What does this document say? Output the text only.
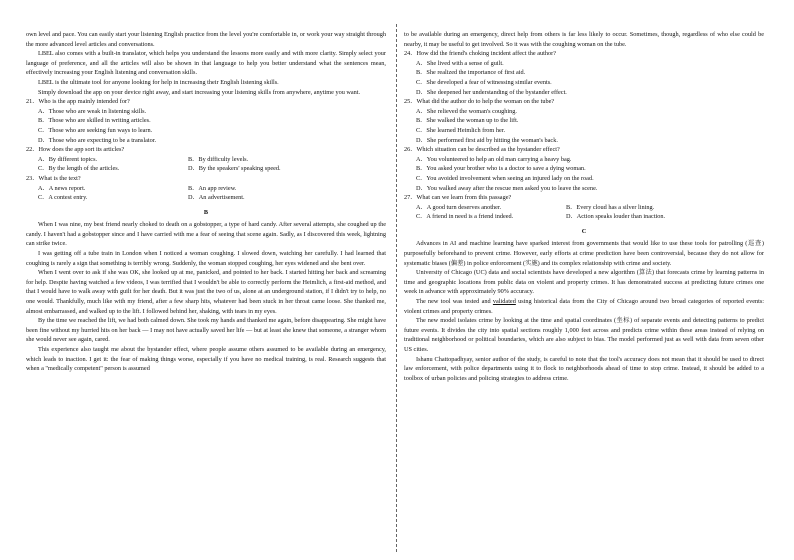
own level and pace. You can easily start your listening English practice from the level you're comfortable in, or work your way straight through the more advanced level articles and conversations.

LBEL also comes with a built-in translator, which helps you understand the lessons more easily and with more clarity. Simply select your language of preference, and all the articles will also be shown in that language to help you better understand what the sentences mean, effectively increasing your English listening and conversation skills.

LBEL is the ultimate tool for anyone looking for help in increasing their English listening skills.

Simply download the app on your device right away, and start increasing your listening skills from anywhere, anytime you want.

21．Who is the app mainly intended for?
A．Those who are weak in listening skills.
B．Those who are skilled in writing articles.
C．Those who are seeking fun ways to learn.
D．Those who are expecting to be a translator.
22．How does the app sort its articles?
A．By different topics.	B．By difficulty levels.
C．By the length of the articles.	D．By the speakers' speaking speed.
23．What is the text?
A．A news report.	B．An app review.
C．A contest entry.	D．An advertisement.
B

When I was nine, my best friend nearly choked to death on a gobstopper, a type of hard candy. After several attempts, she coughed up the candy. I haven't had a gobstopper since and I have carried with me a fear of seeing that scene again. Sadly, as I discovered this week, lightning can strike twice.

I was getting off a tube train in London when I noticed a woman coughing. I slowed down, watching her carefully. I had learned that coughing is rarely a sign that something is terribly wrong. Suddenly, the woman stopped coughing, her eyes widened and she bent over.

When I went over to ask if she was OK, she looked up at me, panicked, and pointed to her back. I started hitting her back and screaming for help. Despite having watched a few videos, I was terrified that I wouldn't be able to correctly perform the Heimlich, a first-aid method, and that I would have to walk away with guilt for her death. But it was just the two of us, alone at an underground station, if I didn't try to help, no one would. Thankfully, much like with my friend, after a few sharp hits, whatever had been stuck in her throat came loose. She thanked me, almost embarrassed, and walked up to the lift. I followed behind her, shaking, with tears in my eyes.

By the time we reached the lift, we had both calmed down. She took my hands and thanked me again, before disappearing. She might have been fine without my hurried hits on her back — I may not have actually saved her life — but at least she knew that someone, a stranger whom she would never see again, cared.

This experience also taught me about the bystander effect, where people assume others assumed to be available during an emergency, which leads to inaction. I get it: the fear of making things worse, especially if you have no medical training, is real. Research suggests that when a "medically competent" person is assumed

to be available during an emergency, direct help from others is far less likely to occur. Sometimes, though, regardless of who else could be nearby, it may be useful to get involved. So it was with the coughing woman on the tube.

24．How did the friend's choking incident affect the author?
A．She lived with a sense of guilt.
B．She realized the importance of first aid.
C．She developed a fear of witnessing similar events.
D．She deepened her understanding of the bystander effect.
25．What did the author do to help the woman on the tube?
A．She relieved the woman's coughing.
B．She walked the woman up to the lift.
C．She learned Heimlich from her.
D．She performed first aid by hitting the woman's back.
26．Which situation can be described as the bystander effect?
A．You volunteered to help an old man carrying a heavy bag.
B．You asked your brother who is a doctor to save a dying woman.
C．You avoided involvement when seeing an injured lady on the road.
D．You walked away after the rescue men asked you to leave the scene.
27．What can we learn from this passage?
A．A good turn deserves another.	B．Every cloud has a silver lining.
C．A friend in need is a friend indeed.	D．Action speaks louder than inaction.
C

Advances in AI and machine learning have sparked interest from governments that would like to use these tools for patrolling (巡查) purposefully beforehand to prevent crime. However, early efforts at crime prediction have been controversial, because they do not allow for systematic biases (偏差) in police enforcement (实施) and its complex relationship with crime and society.

University of Chicago (UC) data and social scientists have developed a new algorithm (算法) that forecasts crime by learning patterns in time and geographic locations from public data on violent and property crimes. It has demonstrated success at predicting future crimes one week in advance with approximately 90% accuracy.

The new tool was tested and validated using historical data from the City of Chicago around two broad categories of reported events: violent crimes and property crimes.

The new model isolates crime by looking at the time and spatial coordinates (坐标) of separate events and detecting patterns to predict future events. It divides the city into spatial sections roughly 1,000 feet across and predicts crime within these areas instead of relying on traditional neighborhood or political boundaries, which are also subject to bias. The model performed just as well with data from seven other US cities.

Ishanu Chattopadhyay, senior author of the study, is careful to note that the tool's accuracy does not mean that it should be used to direct law enforcement, with police departments using it to flock to neighborhoods ahead of time to stop crime. Instead, it should be added to a toolbox of urban policies and policing strategies to address crime.
